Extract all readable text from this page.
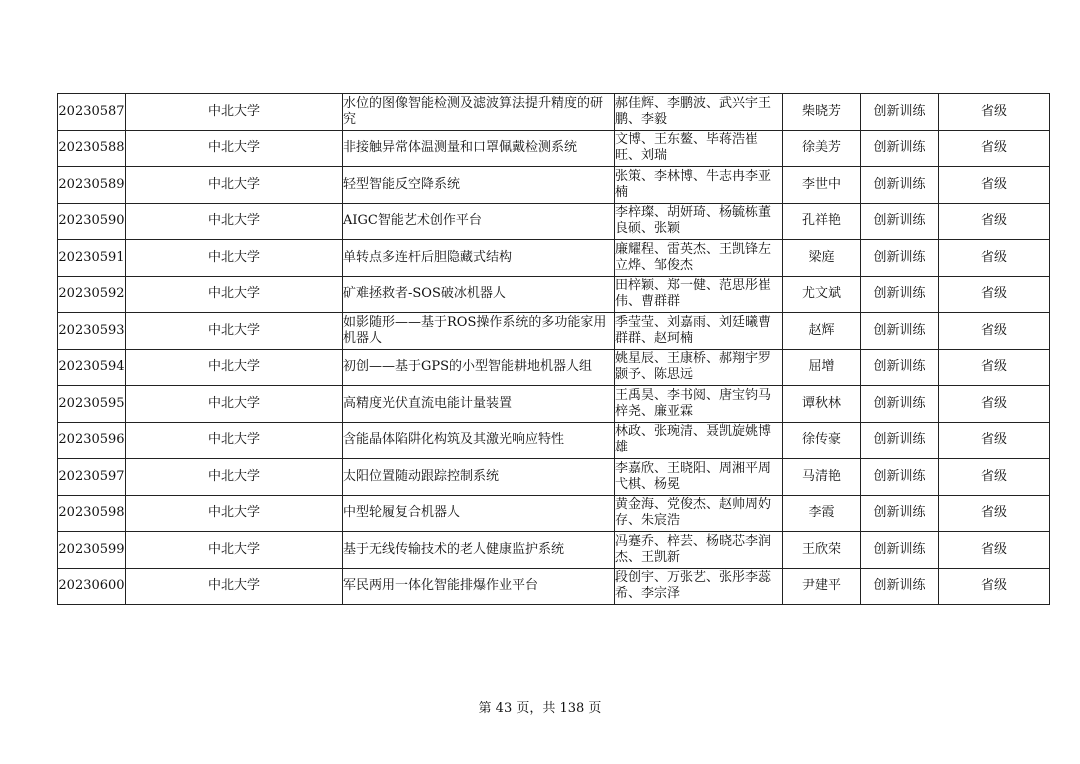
20230587	中北大学	水位的图像智能检测及滤波算法提升精度的研究	郝佳辉、李鹏波、武兴宇王鹏、李毅	柴晓芳	创新训练	省级
20230588	中北大学	非接触异常体温测量和口罩佩戴检测系统	文博、王东鳌、毕蒋浩崔旺、刘瑞	徐美芳	创新训练	省级
20230589	中北大学	轻型智能反空降系统	张策、李林博、牛志冉李亚楠	李世中	创新训练	省级
20230590	中北大学	AIGC智能艺术创作平台	李梓璨、胡妍琦、杨毓栋董良硕、张颖	孔祥艳	创新训练	省级
20230591	中北大学	单转点多连杆后胆隐藏式结构	廉耀程、雷英杰、王凯锋左立烨、邹俊杰	梁庭	创新训练	省级
20230592	中北大学	矿难拯救者-SOS破冰机器人	田梓颖、郑一健、范思彤崔伟、曹群群	尤文斌	创新训练	省级
20230593	中北大学	如影随形——基于ROS操作系统的多功能家用机器人	季莹莹、刘嘉雨、刘廷曦曹群群、赵珂楠	赵辉	创新训练	省级
20230594	中北大学	初创——基于GPS的小型智能耕地机器人组	姚星辰、王康桥、郝翔宇罗颢予、陈思远	屈增	创新训练	省级
20230595	中北大学	高精度光伏直流电能计量装置	王禹昊、李书阅、唐宝钧马梓尧、廉亚霖	谭秋林	创新训练	省级
20230596	中北大学	含能晶体陷阱化构筑及其激光响应特性	林政、张琬清、聂凯旋姚博雄	徐传豪	创新训练	省级
20230597	中北大学	太阳位置随动跟踪控制系统	李嘉欣、王晓阳、周湘平周弋棋、杨冕	马清艳	创新训练	省级
20230598	中北大学	中型轮履复合机器人	黄金海、党俊杰、赵帅周妁存、朱宸浩	李霞	创新训练	省级
20230599	中北大学	基于无线传输技术的老人健康监护系统	冯蹇乔、梓芸、杨晓芯李润杰、王凯新	王欣荣	创新训练	省级
20230600	中北大学	军民两用一体化智能排爆作业平台	段创宇、万张艺、张彤李蕊希、李宗泽	尹建平	创新训练	省级
第 43 页，共 138 页
